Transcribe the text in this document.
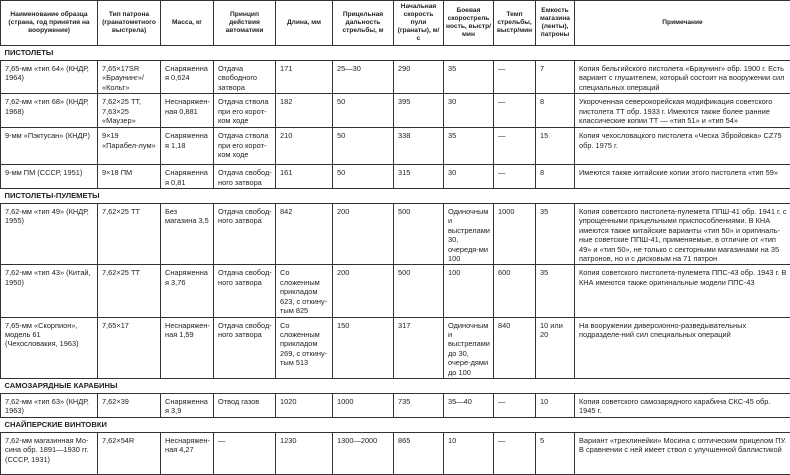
Наименование образца (страна, год принятия на вооружение)	Тип патрона (гранатометного выстрела)	Масса, кг	Принцип действия автоматики	Длина, мм	Прицельная дальность стрельбы, м	Начальная скорость пули (гранаты), м/с	Боевая скорострельность, выстр/мин	Темп стрельбы, выстр/мин	Емкость магазина (ленты), патроны	Примечание
ПИСТОЛЕТЫ										
7,65-мм «тип 64» (КНДР, 1964)	7,65×17SR «Браунинг»/ «Кольт»	Снаряженная 0,624	Отдача свободного затвора	171	25—30	290	35	—	7	Копия бельгийского пистолета «Браунинг» обр. 1900 г. Есть вариант с глушителем, который состоит на вооружении сил специальных операций
7,62-мм «тип 68» (КНДР, 1968)	7,62×25 ТТ, 7,63×25 «Маузер»	Неснаряжен-ная 0,881	Отдача ствола при его корот-ком ходе	182	50	395	30	—	8	Укороченная северокорейская модификация советского пистолета ТТ обр. 1933 г. Имеются также более ранние классические копии ТТ — «тип 51» и «тип 54»
9-мм «Пэктусан» (КНДР)	9×19 «Парабел-лум»	Снаряженная 1,18	Отдача ствола при его корот-ком ходе	210	50	338	35	—	15	Копия чехословацкого пистолета «Ческа Збройовка» CZ75 обр. 1975 г.
9-мм ПМ (СССР, 1951)	9×18 ПМ	Снаряженная 0,81	Отдача свобод-ного затвора	161	50	315	30	—	8	Имеются также китайские копии этого пистолета «тип 59»
ПИСТОЛЕТЫ-ПУЛЕМЕТЫ										
7,62-мм «тип 49» (КНДР, 1955)	7,62×25 ТТ	Без магазина 3,5	Отдача свобод-ного затвора	842	200	500	Одиночными выстрелами 30, очередя-ми 100	1000	35	Копия советского пистолета-пулемета ППШ-41 обр. 1941 г. с упрощенными прицельными приспособлениями. В КНА имеются также китайские варианты «тип 50» и оригиналь-ные советские ППШ-41, применяемые, в отличие от «тип 49» и «тип 50», не только с секторными магазинами на 35 патронов, но и с дисковым на 71 патрон
7,62-мм «тип 43» (Китай, 1950)	7,62×25 ТТ	Снаряженная 3,76	Отдача свобод-ного затвора	Со сложенным прикладом 623, с откину-тым 825	200	500	100	600	35	Копия советского пистолета-пулемета ППС-43 обр. 1943 г. В КНА имеются также оригинальные модели ППС-43
7,65-мм «Скорпион», модель 61 (Чехословакия, 1963)	7,65×17	Неснаряжен-ная 1,59	Отдача свобод-ного затвора	Со сложенным прикладом 269, с откину-тым 513	150	317	Одиночными выстрелами до 30, очере-дями до 100	840	10 или 20	На вооружении диверсионно-разведывательных подразделе-ний сил специальных операций
САМОЗАРЯДНЫЕ КАРАБИНЫ										
7,62-мм «тип 63» (КНДР, 1963)	7,62×39	Снаряженная 3,9	Отвод газов	1020	1000	735	35—40	—	10	Копия советского самозарядного карабина СКС-45 обр. 1945 г.
СНАЙПЕРСКИЕ ВИНТОВКИ										
7,62-мм магазинная Мо-сина обр. 1891—1930 гг. (СССР, 1931)	7,62×54R	Неснаряжен-ная 4,27	—	1230	1300—2000	865	10	—	5	Вариант «трехлинейки» Мосина с оптическим прицелом ПУ. В сравнении с ней имеет ствол с улучшенной баллистикой
